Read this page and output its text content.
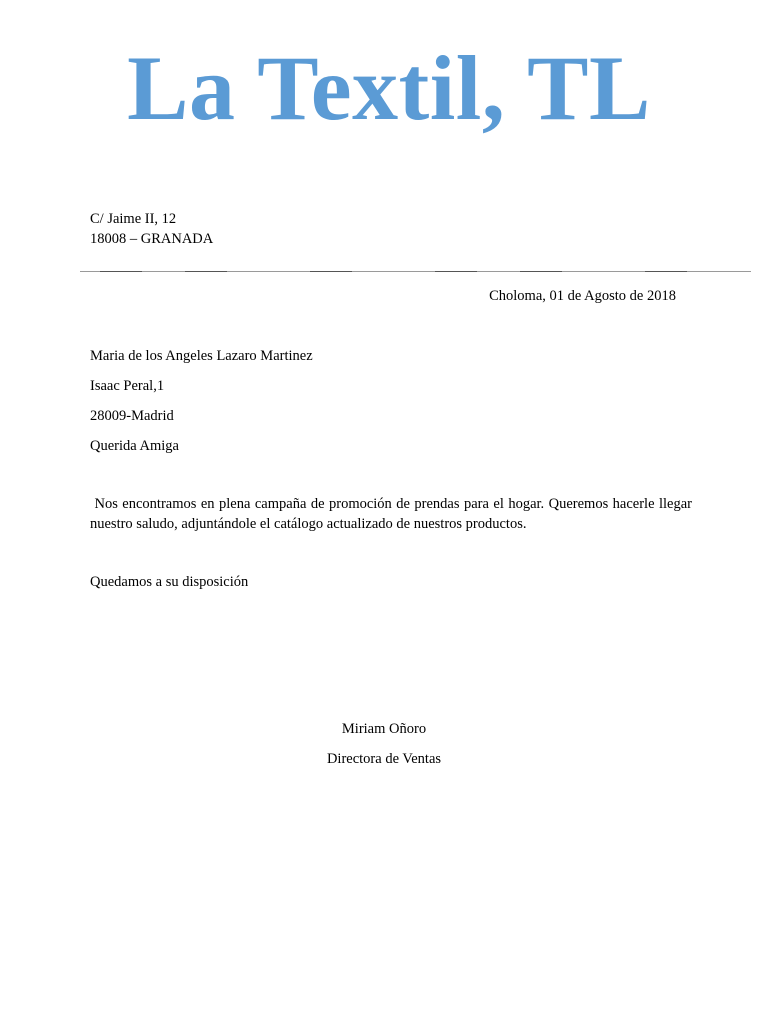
La Textil, TL
C/ Jaime II, 12
18008 – GRANADA
Choloma, 01 de Agosto de 2018
Maria de los Angeles Lazaro Martinez
Isaac Peral,1
28009-Madrid
Querida Amiga
Nos encontramos en plena campaña de promoción de prendas para el hogar. Queremos hacerle llegar nuestro saludo, adjuntándole el catálogo actualizado de nuestros productos.
Quedamos a su disposición
Miriam Oñoro
Directora de Ventas
